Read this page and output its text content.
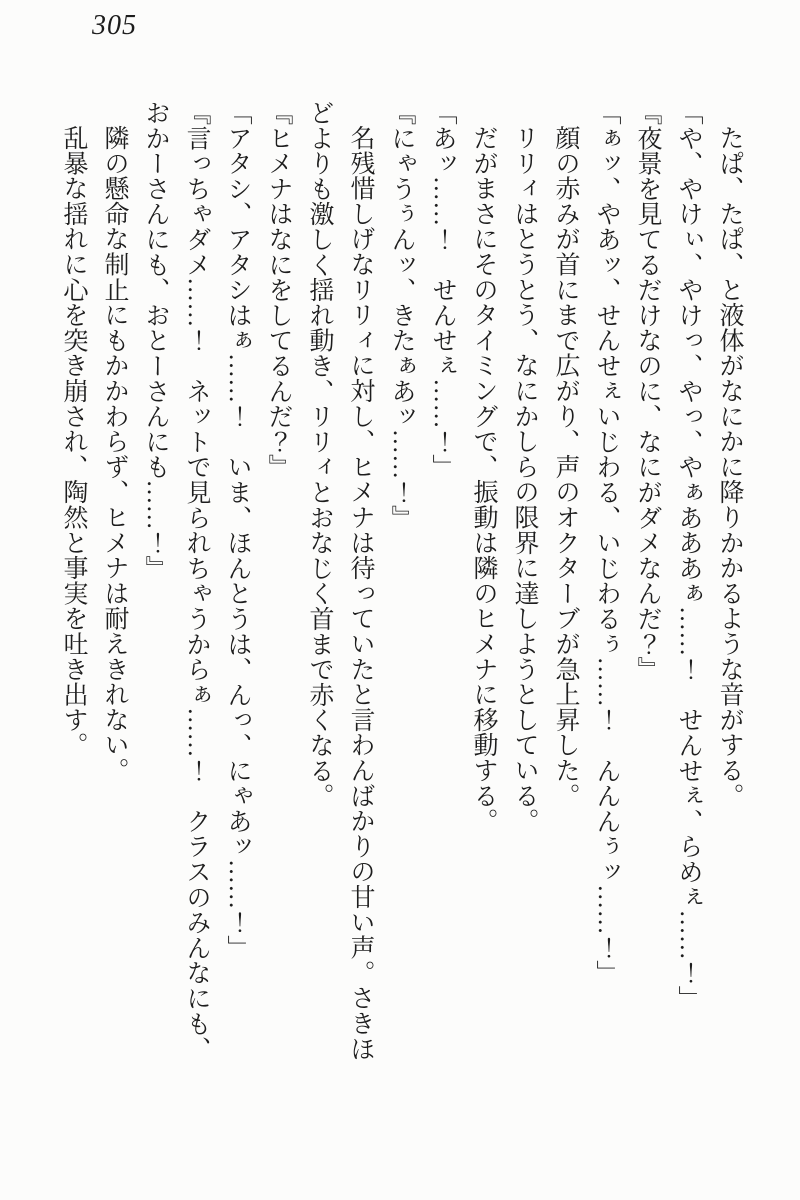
305

たぱ、たぱ、と液体がなにかに降りかかるような音がする。

「や、やけぃ、やけっ、やっ、やぁあああぁ……！　せんせぇ、らめぇ……！」

『夜景を見てるだけなのに、なにがダメなんだ？』

「ぁッ、やあッ、せんせぇいじわる、いじわるぅ……！　んんんぅッ……！」

顔の赤みが首にまで広がり、声のオクターブが急上昇した。

リリィはとうとう、なにかしらの限界に達しようとしている。

だがまさにそのタイミングで、振動は隣のヒメナに移動する。

「あッ……！　せんせぇ……！」

『にゃうぅんッ、きたぁあッ……！』

名残惜しげなリリィに対し、ヒメナは待っていたと言わんばかりの甘い声。さきほ

どよりも激しく揺れ動き、リリィとおなじく首まで赤くなる。

『ヒメナはなにをしてるんだ？』

「アタシ、アタシはぁ……！　いま、ほんとうは、んっ、にゃあッ……！」

『言っちゃダメ……！　ネットで見られちゃうからぁ……！　クラスのみんなにも、

おかーさんにも、おとーさんにも……！』

隣の懸命な制止にもかかわらず、ヒメナは耐えきれない。

乱暴な揺れに心を突き崩され、陶然と事実を吐き出す。
